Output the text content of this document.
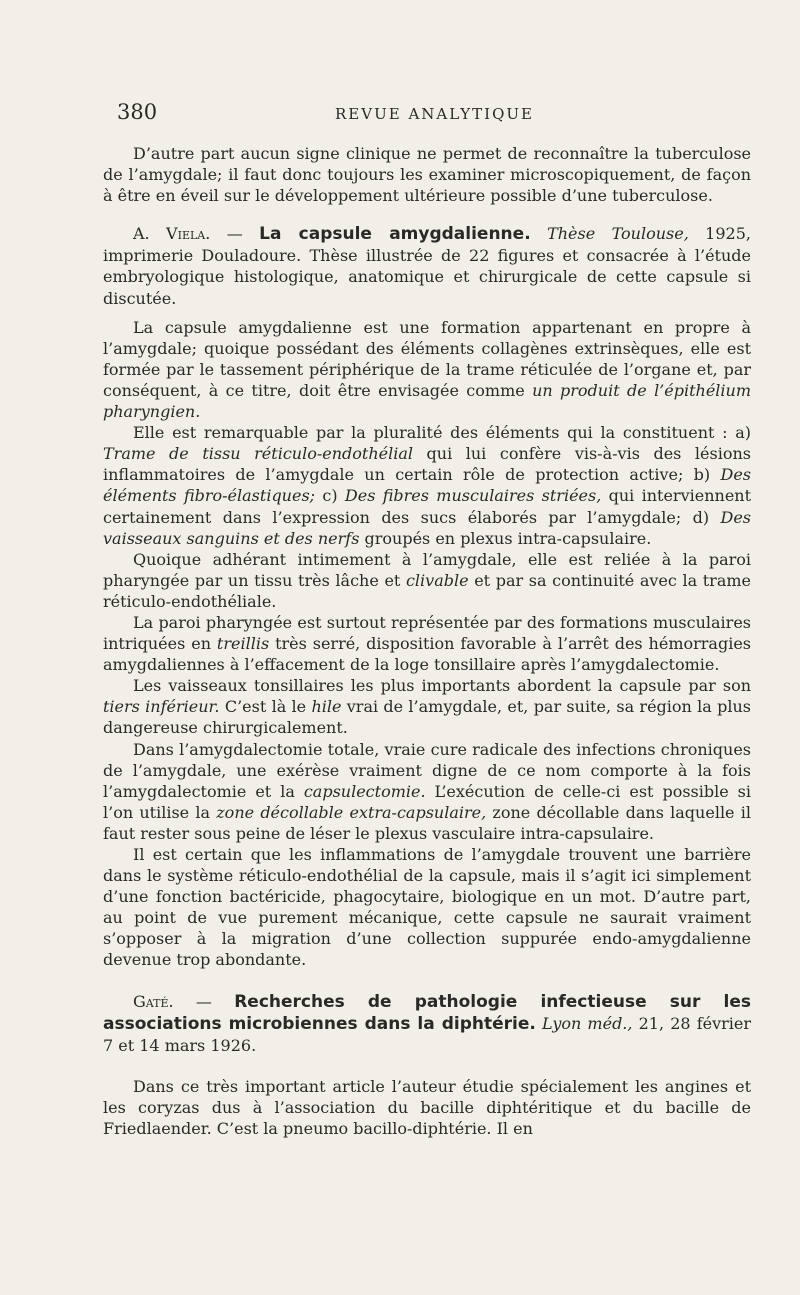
380	REVUE ANALYTIQUE

D’autre part aucun signe clinique ne permet de reconnaître la tuberculose de l’amygdale; il faut donc toujours les examiner microscopiquement, de façon à être en éveil sur le développement ultérieure possible d’une tuberculose.

A. Viela. — La capsule amygdalienne. Thèse Toulouse, 1925, imprimerie Douladoure. Thèse illustrée de 22 figures et consacrée à l’étude embryologique histologique, anatomique et chirurgicale de cette capsule si discutée.

La capsule amygdalienne est une formation appartenant en propre à l’amygdale; quoique possédant des éléments collagènes extrinsèques, elle est formée par le tassement périphérique de la trame réticulée de l’organe et, par conséquent, à ce titre, doit être envisagée comme un produit de l’épithélium pharyngien.

Elle est remarquable par la pluralité des éléments qui la constituent : a) Trame de tissu réticulo-endothélial qui lui confère vis-à-vis des lésions inflammatoires de l’amygdale un certain rôle de protection active; b) Des éléments fibro-élastiques; c) Des fibres musculaires striées, qui interviennent certainement dans l’expression des sucs élaborés par l’amygdale; d) Des vaisseaux sanguins et des nerfs groupés en plexus intra-capsulaire.

Quoique adhérant intimement à l’amygdale, elle est reliée à la paroi pharyngée par un tissu très lâche et clivable et par sa continuité avec la trame réticulo-endothéliale.

La paroi pharyngée est surtout représentée par des formations musculaires intriquées en treillis très serré, disposition favorable à l’arrêt des hémorragies amygdaliennes à l’effacement de la loge tonsillaire après l’amygdalectomie.

Les vaisseaux tonsillaires les plus importants abordent la capsule par son tiers inférieur. C’est là le hile vrai de l’amygdale, et, par suite, sa région la plus dangereuse chirurgicalement.

Dans l’amygdalectomie totale, vraie cure radicale des infections chroniques de l’amygdale, une exérèse vraiment digne de ce nom comporte à la fois l’amygdalectomie et la capsulectomie. L’exécution de celle-ci est possible si l’on utilise la zone décollable extra-capsulaire, zone décollable dans laquelle il faut rester sous peine de léser le plexus vasculaire intra-capsulaire.

Il est certain que les inflammations de l’amygdale trouvent une barrière dans le système réticulo-endothélial de la capsule, mais il s’agit ici simplement d’une fonction bactéricide, phagocytaire, biologique en un mot. D’autre part, au point de vue purement mécanique, cette capsule ne saurait vraiment s’opposer à la migration d’une collection suppurée endo-amygdalienne devenue trop abondante.

Gaté. — Recherches de pathologie infectieuse sur les associations microbiennes dans la diphtérie. Lyon méd., 21, 28 février 7 et 14 mars 1926.

Dans ce très important article l’auteur étudie spécialement les angines et les coryzas dus à l’association du bacille diphtéritique et du bacille de Friedlaender. C’est la pneumo bacillo-diphtérie. Il en
